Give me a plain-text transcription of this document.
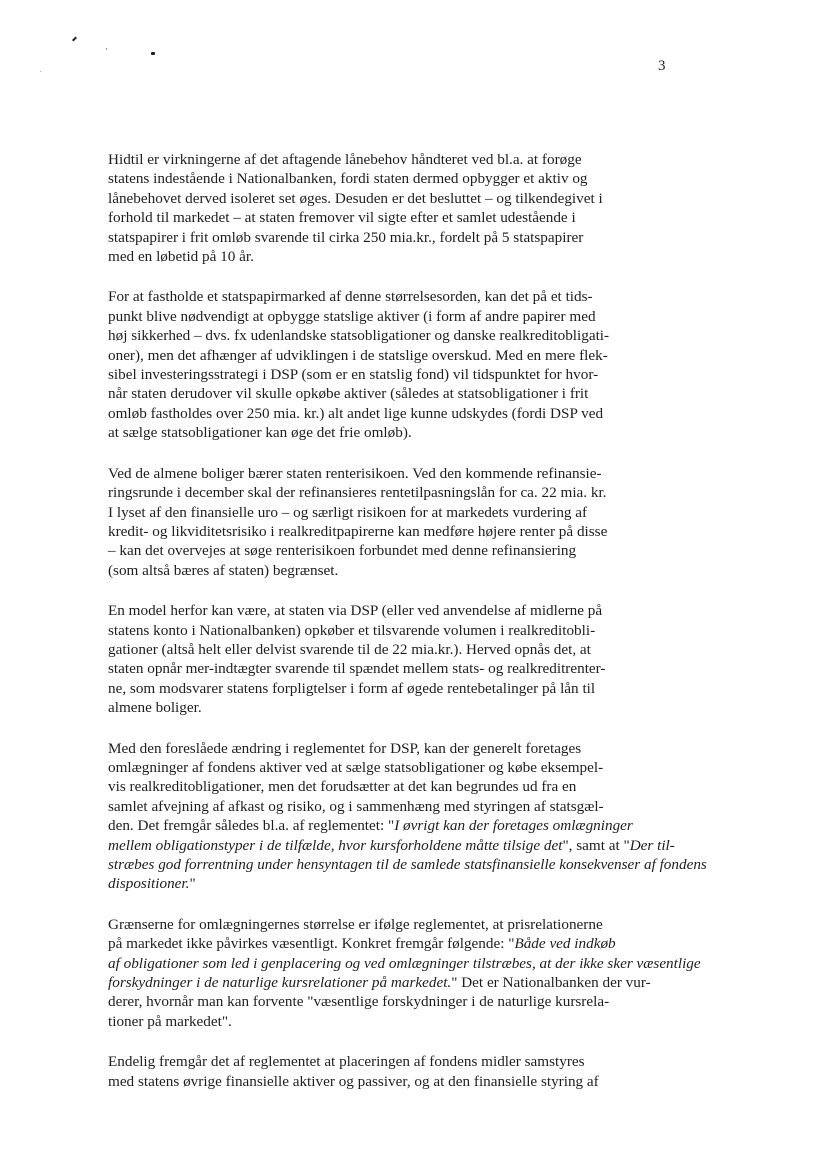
3

Hidtil er virkningerne af det aftagende lånebehov håndteret ved bl.a. at forøge
statens indestående i Nationalbanken, fordi staten dermed opbygger et aktiv og
lånebehovet derved isoleret set øges. Desuden er det besluttet – og tilkendegivet i
forhold til markedet – at staten fremover vil sigte efter et samlet udestående i
statspapirer i frit omløb svarende til cirka 250 mia.kr., fordelt på 5 statspapirer
med en løbetid på 10 år.

For at fastholde et statspapirmarked af denne størrelsesorden, kan det på et tids-
punkt blive nødvendigt at opbygge statslige aktiver (i form af andre papirer med
høj sikkerhed – dvs. fx udenlandske statsobligationer og danske realkreditobligati-
oner), men det afhænger af udviklingen i de statslige overskud. Med en mere flek-
sibel investeringsstrategi i DSP (som er en statslig fond) vil tidspunktet for hvor-
når staten derudover vil skulle opkøbe aktiver (således at statsobligationer i frit
omløb fastholdes over 250 mia. kr.) alt andet lige kunne udskydes (fordi DSP ved
at sælge statsobligationer kan øge det frie omløb).

Ved de almene boliger bærer staten renterisikoen. Ved den kommende refinansie-
ringsrunde i december skal der refinansieres rentetilpasningslån for ca. 22 mia. kr.
I lyset af den finansielle uro – og særligt risikoen for at markedets vurdering af
kredit- og likviditetsrisiko i realkreditpapirerne kan medføre højere renter på disse
– kan det overvejes at søge renterisikoen forbundet med denne refinansiering
(som altså bæres af staten) begrænset.

En model herfor kan være, at staten via DSP (eller ved anvendelse af midlerne på
statens konto i Nationalbanken) opkøber et tilsvarende volumen i realkreditobli-
gationer (altså helt eller delvist svarende til de 22 mia.kr.). Herved opnås det, at
staten opnår mer-indtægter svarende til spændet mellem stats- og realkreditrenter-
ne, som modsvarer statens forpligtelser i form af øgede rentebetalinger på lån til
almene boliger.

Med den foreslåede ændring i reglementet for DSP, kan der generelt foretages
omlægninger af fondens aktiver ved at sælge statsobligationer og købe eksempel-
vis realkreditobligationer, men det forudsætter at det kan begrundes ud fra en
samlet afvejning af afkast og risiko, og i sammenhæng med styringen af statsgæl-
den. Det fremgår således bl.a. af reglementet: "I øvrigt kan der foretages omlægninger
mellem obligationstyper i de tilfælde, hvor kursforholdene måtte tilsige det", samt at "Der til-
stræbes god forrentning under hensyntagen til de samlede statsfinansielle konsekvenser af fondens
dispositioner."

Grænserne for omlægningernes størrelse er ifølge reglementet, at prisrelationerne
på markedet ikke påvirkes væsentligt. Konkret fremgår følgende: "Både ved indkøb
af obligationer som led i genplacering og ved omlægninger tilstræbes, at der ikke sker væsentlige
forskydninger i de naturlige kursrelationer på markedet." Det er Nationalbanken der vur-
derer, hvornår man kan forvente "væsentlige forskydninger i de naturlige kursrela-
tioner på markedet".

Endelig fremgår det af reglementet at placeringen af fondens midler samstyres
med statens øvrige finansielle aktiver og passiver, og at den finansielle styring af
